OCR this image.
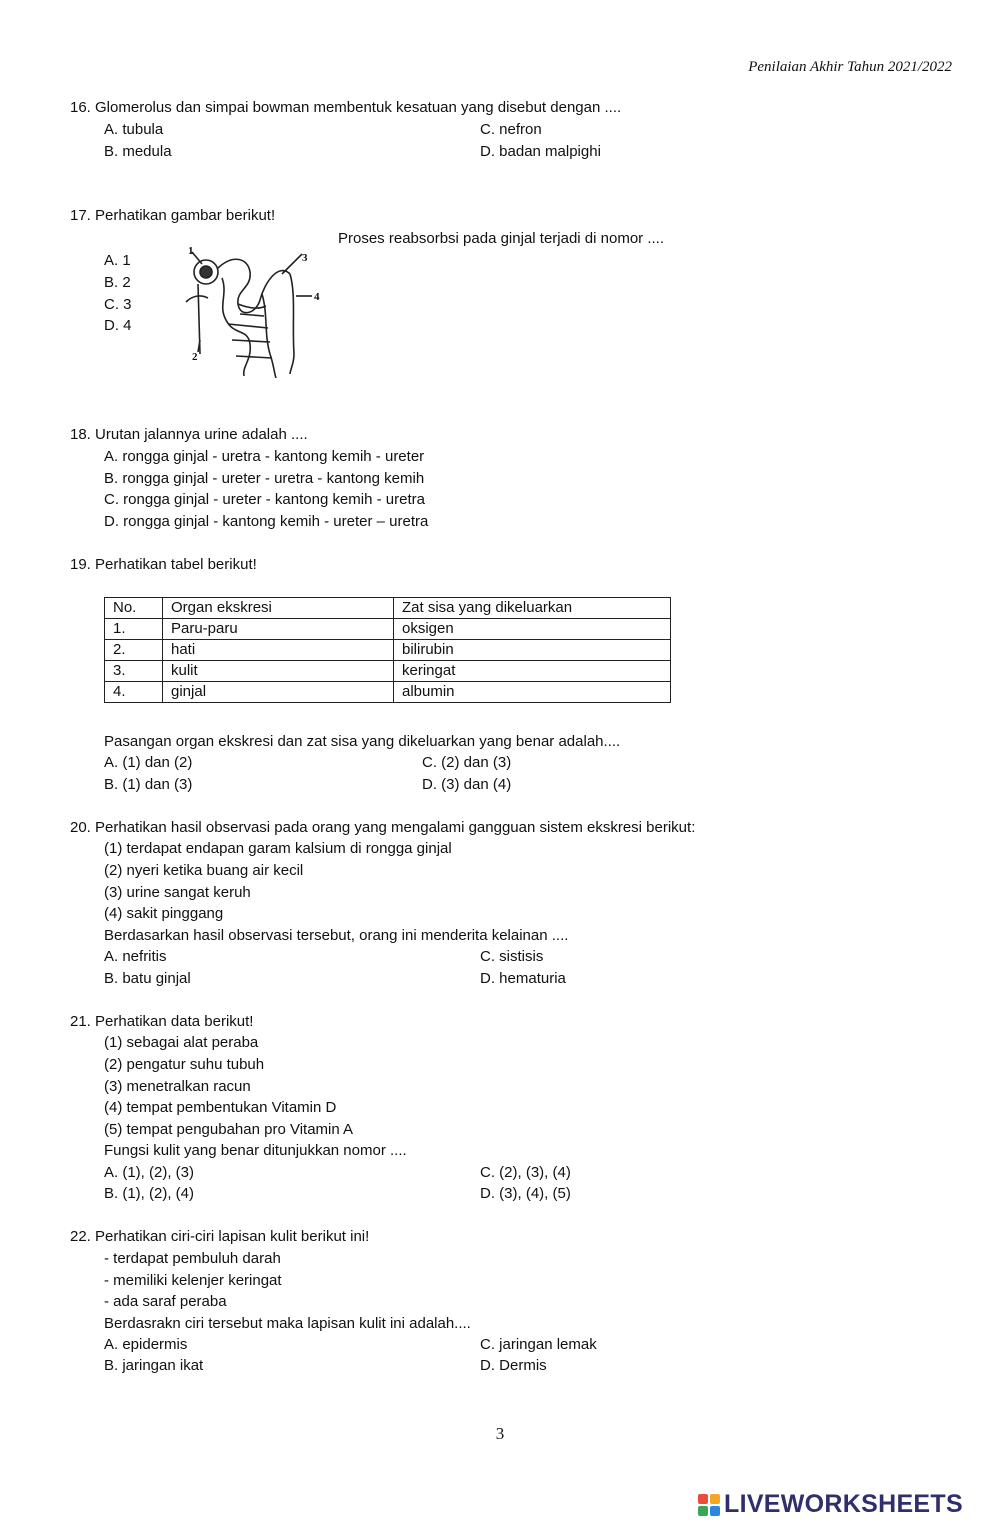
Penilaian Akhir Tahun 2021/2022
16. Glomerolus dan simpai bowman membentuk kesatuan yang disebut dengan ....
A. tubula	C. nefron
B. medula	D. badan malpighi
17. Perhatikan gambar berikut!
Proses reabsorbsi pada ginjal terjadi di nomor ....
A. 1
B. 2
C. 3
D. 4
1
2
3
4
18. Urutan jalannya urine adalah ....
A. rongga ginjal - uretra - kantong kemih - ureter
B. rongga ginjal - ureter - uretra - kantong kemih
C. rongga ginjal - ureter - kantong kemih - uretra
D. rongga ginjal - kantong kemih - ureter – uretra
19. Perhatikan tabel berikut!
No.	Organ ekskresi	Zat sisa yang dikeluarkan
1.	Paru-paru	oksigen
2.	hati	bilirubin
3.	kulit	keringat
4.	ginjal	albumin
Pasangan organ ekskresi dan zat sisa yang dikeluarkan yang benar adalah....
A. (1) dan (2)	C. (2) dan (3)
B. (1) dan (3)	D. (3) dan (4)
20. Perhatikan hasil observasi pada orang yang mengalami gangguan sistem ekskresi berikut:
(1) terdapat endapan garam kalsium di rongga ginjal
(2) nyeri ketika buang air kecil
(3) urine sangat keruh
(4) sakit pinggang
Berdasarkan hasil observasi tersebut, orang ini menderita kelainan ....
A. nefritis	C. sistisis
B. batu ginjal	D. hematuria
21. Perhatikan data berikut!
(1) sebagai alat peraba
(2) pengatur suhu tubuh
(3) menetralkan racun
(4) tempat pembentukan Vitamin D
(5) tempat pengubahan pro Vitamin A
Fungsi kulit yang benar ditunjukkan nomor ....
A. (1), (2), (3)	C. (2), (3), (4)
B. (1), (2), (4)	D. (3), (4), (5)
22. Perhatikan ciri-ciri lapisan kulit berikut ini!
- terdapat pembuluh darah
- memiliki kelenjer keringat
- ada saraf peraba
Berdasrakn ciri tersebut maka lapisan kulit ini adalah....
A. epidermis	C. jaringan lemak
B. jaringan ikat	D. Dermis
3
LIVEWORKSHEETS
